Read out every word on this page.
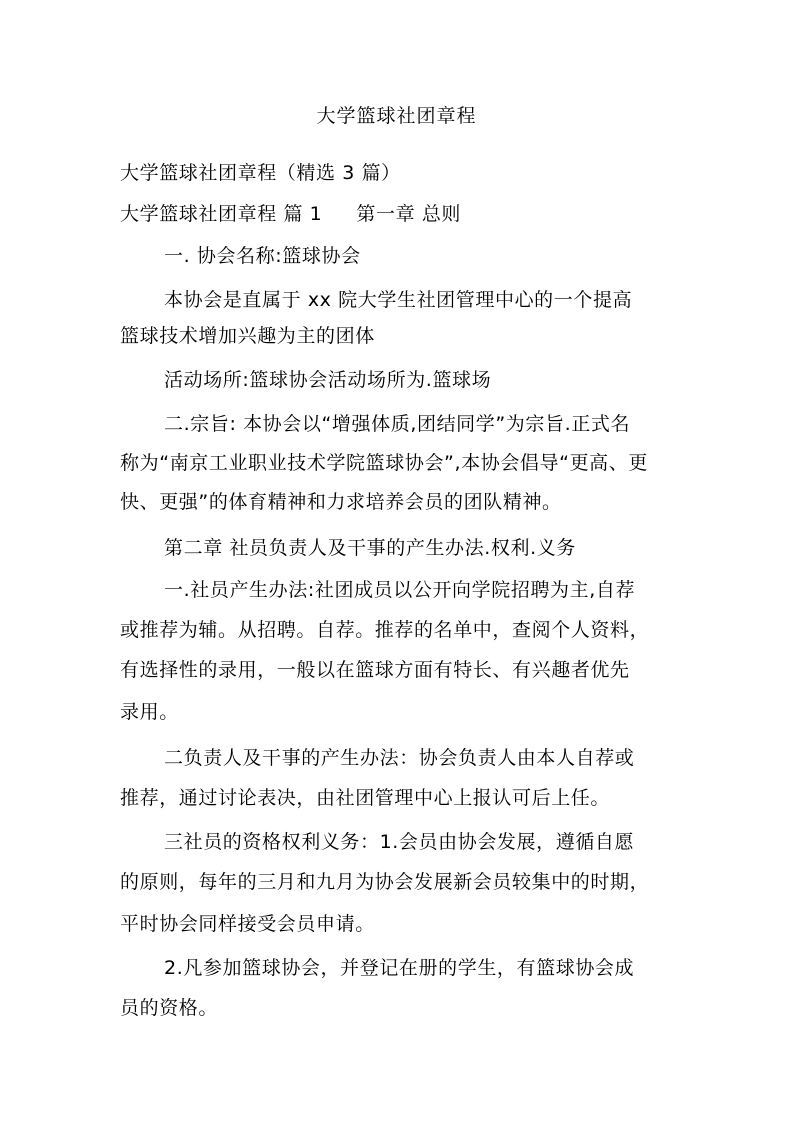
大学篮球社团章程
大学篮球社团章程（精选 3 篇）
大学篮球社团章程 篇 1 第一章 总则
一. 协会名称:篮球协会
本协会是直属于 xx 院大学生社团管理中心的一个提高
篮球技术增加兴趣为主的团体
活动场所:篮球协会活动场所为.篮球场
二.宗旨: 本协会以“增强体质,团结同学”为宗旨.正式名
称为“南京工业职业技术学院篮球协会”,本协会倡导“更高、更
快、更强”的体育精神和力求培养会员的团队精神。
第二章 社员负责人及干事的产生办法.权利.义务
一.社员产生办法:社团成员以公开向学院招聘为主,自荐
或推荐为辅。从招聘。自荐。推荐的名单中，查阅个人资料，
有选择性的录用，一般以在篮球方面有特长、有兴趣者优先
录用。
二负责人及干事的产生办法：协会负责人由本人自荐或
推荐，通过讨论表决，由社团管理中心上报认可后上任。
三社员的资格权利义务：1.会员由协会发展，遵循自愿
的原则，每年的三月和九月为协会发展新会员较集中的时期，
平时协会同样接受会员申请。
2.凡参加篮球协会，并登记在册的学生，有篮球协会成
员的资格。
